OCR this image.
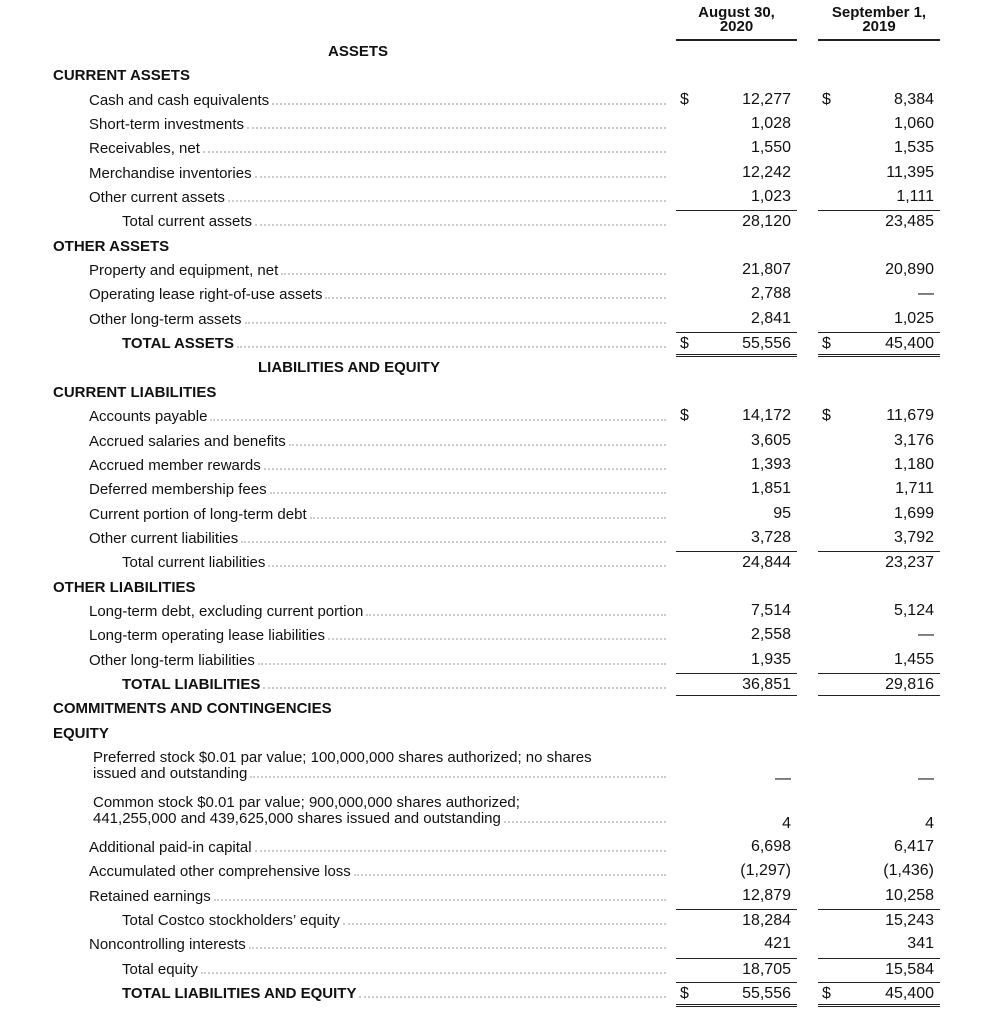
August 30,
2020
September 1,
2019
ASSETS
CURRENT ASSETS
Cash and cash equivalents	$	12,277 $	8,384
Short-term investments	1,028	1,060
Receivables, net	1,550	1,535
Merchandise inventories	12,242	11,395
Other current assets	1,023	1,111
Total current assets	28,120	23,485
OTHER ASSETS
Property and equipment, net	21,807	20,890
Operating lease right-of-use assets	2,788	—
Other long-term assets	2,841	1,025
TOTAL ASSETS	$	55,556 $	45,400
LIABILITIES AND EQUITY
CURRENT LIABILITIES
Accounts payable	$	14,172 $	11,679
Accrued salaries and benefits	3,605	3,176
Accrued member rewards	1,393	1,180
Deferred membership fees	1,851	1,711
Current portion of long-term debt	95	1,699
Other current liabilities	3,728	3,792
Total current liabilities	24,844	23,237
OTHER LIABILITIES
Long-term debt, excluding current portion	7,514	5,124
Long-term operating lease liabilities	2,558	—
Other long-term liabilities	1,935	1,455
TOTAL LIABILITIES	36,851	29,816
COMMITMENTS AND CONTINGENCIES
EQUITY
Preferred stock $0.01 par value; 100,000,000 shares authorized; no shares
issued and outstanding	—	—
Common stock $0.01 par value; 900,000,000 shares authorized;
441,255,000 and 439,625,000 shares issued and outstanding	4	4
Additional paid-in capital	6,698	6,417
Accumulated other comprehensive loss	(1,297)	(1,436)
Retained earnings	12,879	10,258
Total Costco stockholders’ equity	18,284	15,243
Noncontrolling interests	421	341
Total equity	18,705	15,584
TOTAL LIABILITIES AND EQUITY	$	55,556 $	45,400
